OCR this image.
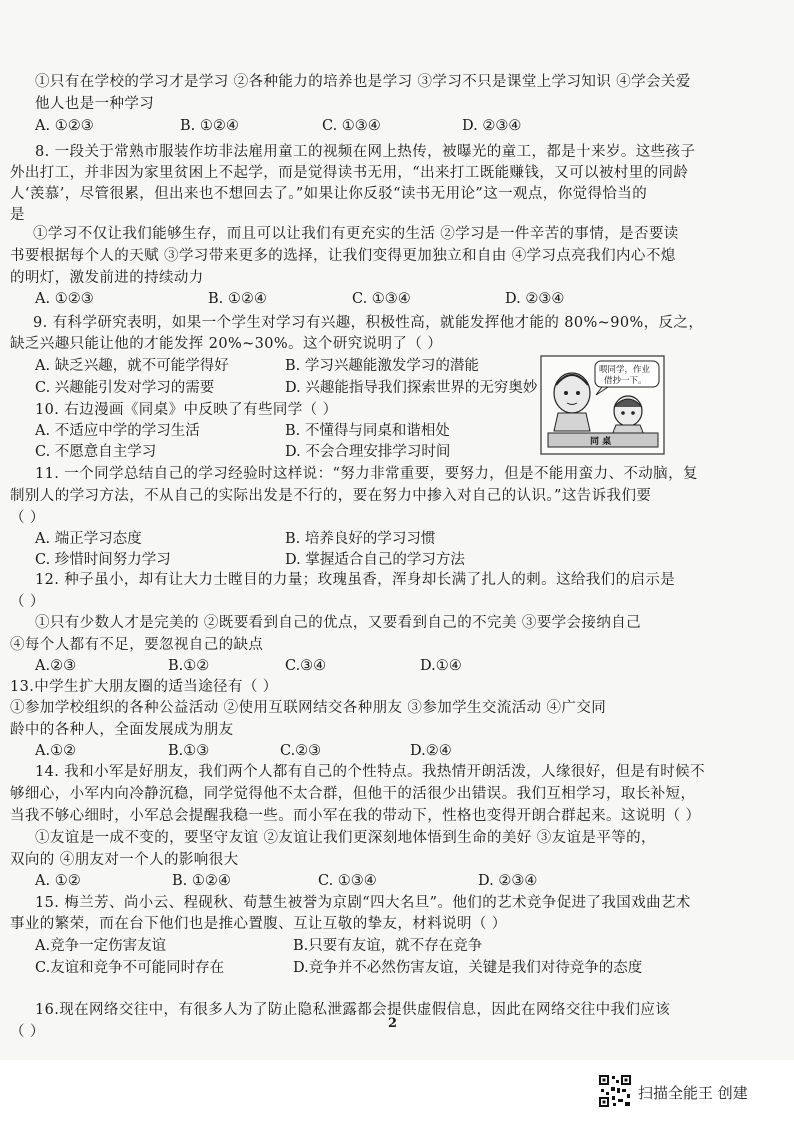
①只有在学校的学习才是学习 ②各种能力的培养也是学习 ③学习不只是课堂上学习知识 ④学会关爱
他人也是一种学习
8. 一段关于常熟市服装作坊非法雇用童工的视频在网上热传，被曝光的童工，都是十来岁。这些孩子
外出打工，并非因为家里贫困上不起学，而是觉得读书无用，“出来打工既能赚钱，又可以被村里的同龄
人‘羡慕’，尽管很累，但出来也不想回去了。”如果让你反驳“读书无用论”这一观点，你觉得恰当的
是
①学习不仅让我们能够生存，而且可以让我们有更充实的生活 ②学习是一件辛苦的事情，是否要读
书要根据每个人的天赋 ③学习带来更多的选择，让我们变得更加独立和自由 ④学习点亮我们内心不熄
的明灯，激发前进的持续动力
9. 有科学研究表明，如果一个学生对学习有兴趣，积极性高，就能发挥他才能的 80%~90%，反之，
缺乏兴趣只能让他的才能发挥 20%~30%。这个研究说明了（ ）
10. 右边漫画《同桌》中反映了有些同学（ ）
11. 一个同学总结自己的学习经验时这样说：“努力非常重要，要努力，但是不能用蛮力、不动脑，复
制别人的学习方法，不从自己的实际出发是不行的，要在努力中掺入对自己的认识。”这告诉我们要
（ ）
12. 种子虽小，却有让大力士瞠目的力量；玫瑰虽香，浑身却长满了扎人的刺。这给我们的启示是
（ ）
①只有少数人才是完美的 ②既要看到自己的优点，又要看到自己的不完美 ③要学会接纳自己
④每个人都有不足，要忽视自己的缺点
13.中学生扩大朋友圈的适当途径有（ ）
①参加学校组织的各种公益活动 ②使用互联网结交各种朋友 ③参加学生交流活动 ④广交同
龄中的各种人，全面发展成为朋友
14. 我和小军是好朋友，我们两个人都有自己的个性特点。我热情开朗活泼，人缘很好，但是有时候不
够细心，小军内向冷静沉稳，同学觉得他不太合群，但他干的活很少出错误。我们互相学习，取长补短，
当我不够心细时，小军总会提醒我稳一些。而小军在我的带动下，性格也变得开朗合群起来。这说明（ ）
①友谊是一成不变的，要坚守友谊 ②友谊让我们更深刻地体悟到生命的美好 ③友谊是平等的，
双向的 ④朋友对一个人的影响很大
15. 梅兰芳、尚小云、程砚秋、荀慧生被誉为京剧“四大名旦”。他们的艺术竞争促进了我国戏曲艺术
事业的繁荣，而在台下他们也是推心置腹、互让互敬的挚友，材料说明（ ）
16.现在网络交往中，有很多人为了防止隐私泄露都会提供虚假信息，因此在网络交往中我们应该
（ ）
A. ①②③	B. ①②④	C. ①③④	D. ②③④
A. ①②③	B. ①②④	C. ①③④	D. ②③④
A. 缺乏兴趣，就不可能学得好	B. 学习兴趣能激发学习的潜能
C. 兴趣能引发对学习的需要	D. 兴趣能指导我们探索世界的无穷奥妙
A. 不适应中学的学习生活	B. 不懂得与同桌和谐相处
C. 不愿意自主学习	D. 不会合理安排学习时间
A. 端正学习态度	B. 培养良好的学习习惯
C. 珍惜时间努力学习	D. 掌握适合自己的学习方法
A.②③	B.①②	C.③④	D.①④
A.①②	B.①③	C.②③	D.②④
A. ①②	B. ①②④	C. ①③④	D. ②③④
A.竞争一定伤害友谊	B.只要有友谊，就不存在竞争
C.友谊和竞争不可能同时存在	D.竞争并不必然伤害友谊，关键是我们对待竞争的态度
喂同学，作业
借抄一下。
同 桌
2
扫描全能王 创建
